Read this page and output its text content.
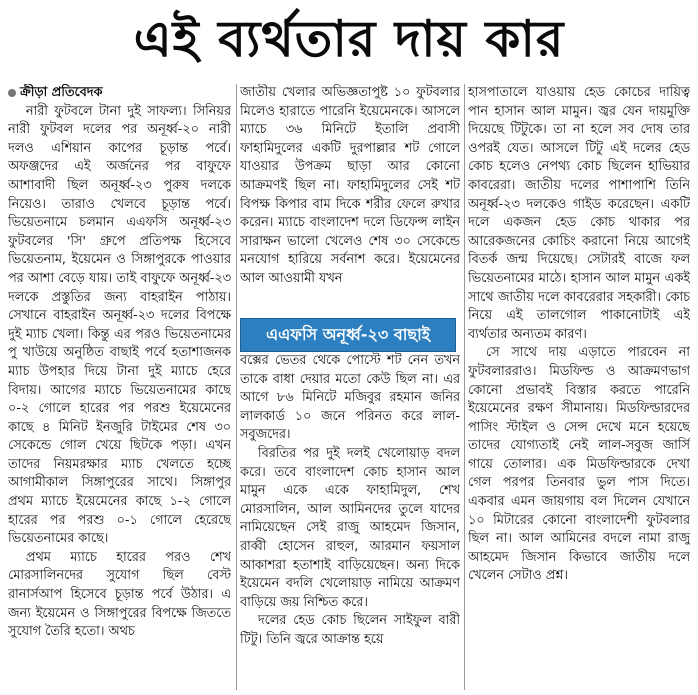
এই ব্যর্থতার দায় কার

ক্রীড়া প্রতিবেদক

নারী ফুটবলে টানা দুই সাফল্য। সিনিয়র নারী ফুটবল দলের পর অনূর্ধ্ব-২০ নারী দলও এশিয়ান কাপের চূড়ান্ত পর্বে। অফঞ্জদের এই অর্জনের পর বাফুফে আশাবাদী ছিল অনূর্ধ্ব-২৩ পুরুষ দলকে নিয়েও। তারাও খেলবে চূড়ান্ত পর্বে। ভিয়েতনামে চলমান এএফসি অনূর্ধ্ব-২৩ ফুটবলের 'সি' গ্রুপে প্রতিপক্ষ হিসেবে ভিয়েতনাম, ইয়েমেন ও সিঙ্গাপুরকে পাওয়ার পর আশা বেড়ে যায়। তাই বাফুফে অনূর্ধ্ব-২৩ দলকে প্রস্তুতির জন্য বাহরাইন পাঠায়। সেখানে বাহরাইন অনূর্ধ্ব-২৩ দলের বিপক্ষে দুই ম্যাচ খেলা। কিন্তু এর পরও ভিয়েতনামের পু খাউয়ে অনুষ্ঠিত বাছাই পর্বে হতাশাজনক ম্যাচ উপহার দিয়ে টানা দুই ম্যাচে হেরে বিদায়। আগের ম্যাচে ভিয়েতনামের কাছে ০-২ গোলে হারের পর পরশু ইয়েমেনের কাছে ৪ মিনিট ইনজুরি টাইমের শেষ ৩০ সেকেন্ডে গোল খেয়ে ছিটকে পড়া। এখন তাদের নিয়মরক্ষার ম্যাচ খেলতে হচ্ছে আগামীকাল সিঙ্গাপুরের সাথে। সিঙ্গাপুর প্রথম ম্যাচে ইয়েমেনের কাছে ১-২ গোলে হারের পর পরশু ০-১ গোলে হেরেছে ভিয়েতনামের কাছে।

প্রথম ম্যাচে হারের পরও শেখ মোরসালিনদের সুযোগ ছিল বেস্ট রানার্সআপ হিসেবে চূড়ান্ত পর্বে উঠার। এ জন্য ইয়েমেন ও সিঙ্গাপুরের বিপক্ষে জিততে সুযোগ তৈরি হতো। অথচ

জাতীয় খেলার অভিজ্ঞতাপুষ্ট ১০ ফুটবলার মিলেও হারাতে পারেনি ইয়েমেনকে। আসলে ম্যাচে ৩৬ মিনিটে ইতালি প্রবাসী ফাহামিদুলের একটি দুরপাল্লার শট গোলে যাওয়ার উপক্রম ছাড়া আর কোনো আক্রমণই ছিল না। ফাহামিদুলের সেই শট বিপক্ষ কিপার বাম দিকে শরীর ফেলে রুখার করেন। ম্যাচে বাংলাদেশ দলে ডিফেন্স লাইন সারাক্ষন ভালো খেলেও শেষ ৩০ সেকেন্ডে মনযোগ হারিয়ে সর্বনাশ করে। ইয়েমেনের আল আওয়ামী যখন

এএফসি অনূর্ধ্ব-২৩ বাছাই

বক্সের ভেতর থেকে পোস্টে শট নেন তখন তাকে বাধা দেয়ার মতো কেউ ছিল না। এর আগে ৮৬ মিনিটে মজিবুর রহমান জনির লালকার্ড ১০ জনে পরিনত করে লাল-সবুজদের।

বিরতির পর দুই দলই খেলোয়াড় বদল করে। তবে বাংলাদেশ কোচ হাসান আল মামুন একে একে ফাহামিদুল, শেখ মোরসালিন, আল আমিনদের তুলে যাদের নামিয়েছেন সেই রাজু আহমেদ জিসান, রাব্বী হোসেন রাহুল, আরমান ফয়সাল আকাশরা হতাশাই বাড়িয়েছেন। অন্য দিকে ইয়েমেন বদলি খেলোয়াড় নামিয়ে আক্রমণ বাড়িয়ে জয় নিশ্চিত করে।

দলের হেড কোচ ছিলেন সাইফুল বারী টিটু। তিনি জ্বরে আক্রান্ত হয়ে

হাসপাতালে যাওয়ায় হেড কোচের দায়িত্ব পান হাসান আল মামুন। জ্বর যেন দায়মুক্তি দিয়েছে টিটুকে। তা না হলে সব দোষ তার ওপরই যেত। আসলে টিটু এই দলের হেড কোচ হলেও নেপথ্য কোচ ছিলেন হাভিয়ার কাবরেরা। জাতীয় দলের পাশাপাশি তিনি অনূর্ধ্ব-২৩ দলকেও গাইড করেছেন। একটি দলে একজন হেড কোচ থাকার পর আরেকজনের কোচিং করানো নিয়ে আগেই বিতর্ক জন্ম দিয়েছে। সেটারই বাজে ফল ভিয়েতনামের মাঠে। হাসান আল মামুন একই সাথে জাতীয় দলে কাবরেরার সহকারী। কোচ নিয়ে এই তালগোল পাকানোটাই এই ব্যর্থতার অন্যতম কারণ।

সে সাথে দায় এড়াতে পারবেন না ফুটবলাররাও। মিডফিল্ড ও আক্রমণভাগ কোনো প্রভাবই বিস্তার করতে পারেনি ইয়েমেনের রক্ষণ সীমানায়। মিডফিল্ডারদের পাসিং স্টাইল ও সেন্স দেখে মনে হয়েছে তাদের যোগ্যতাই নেই লাল-সবুজ জার্সি গায়ে তোলার। এক মিডফিল্ডারকে দেখা গেল পরপর তিনবার ভুল পাস দিতে। একবার এমন জায়গায় বল দিলেন যেখানে ১০ মিটারের কোনো বাংলাদেশী ফুটবলার ছিল না। আল আমিনের বদলে নামা রাজু আহমেদ জিসান কিভাবে জাতীয় দলে খেলেন সেটাও প্রশ্ন।
